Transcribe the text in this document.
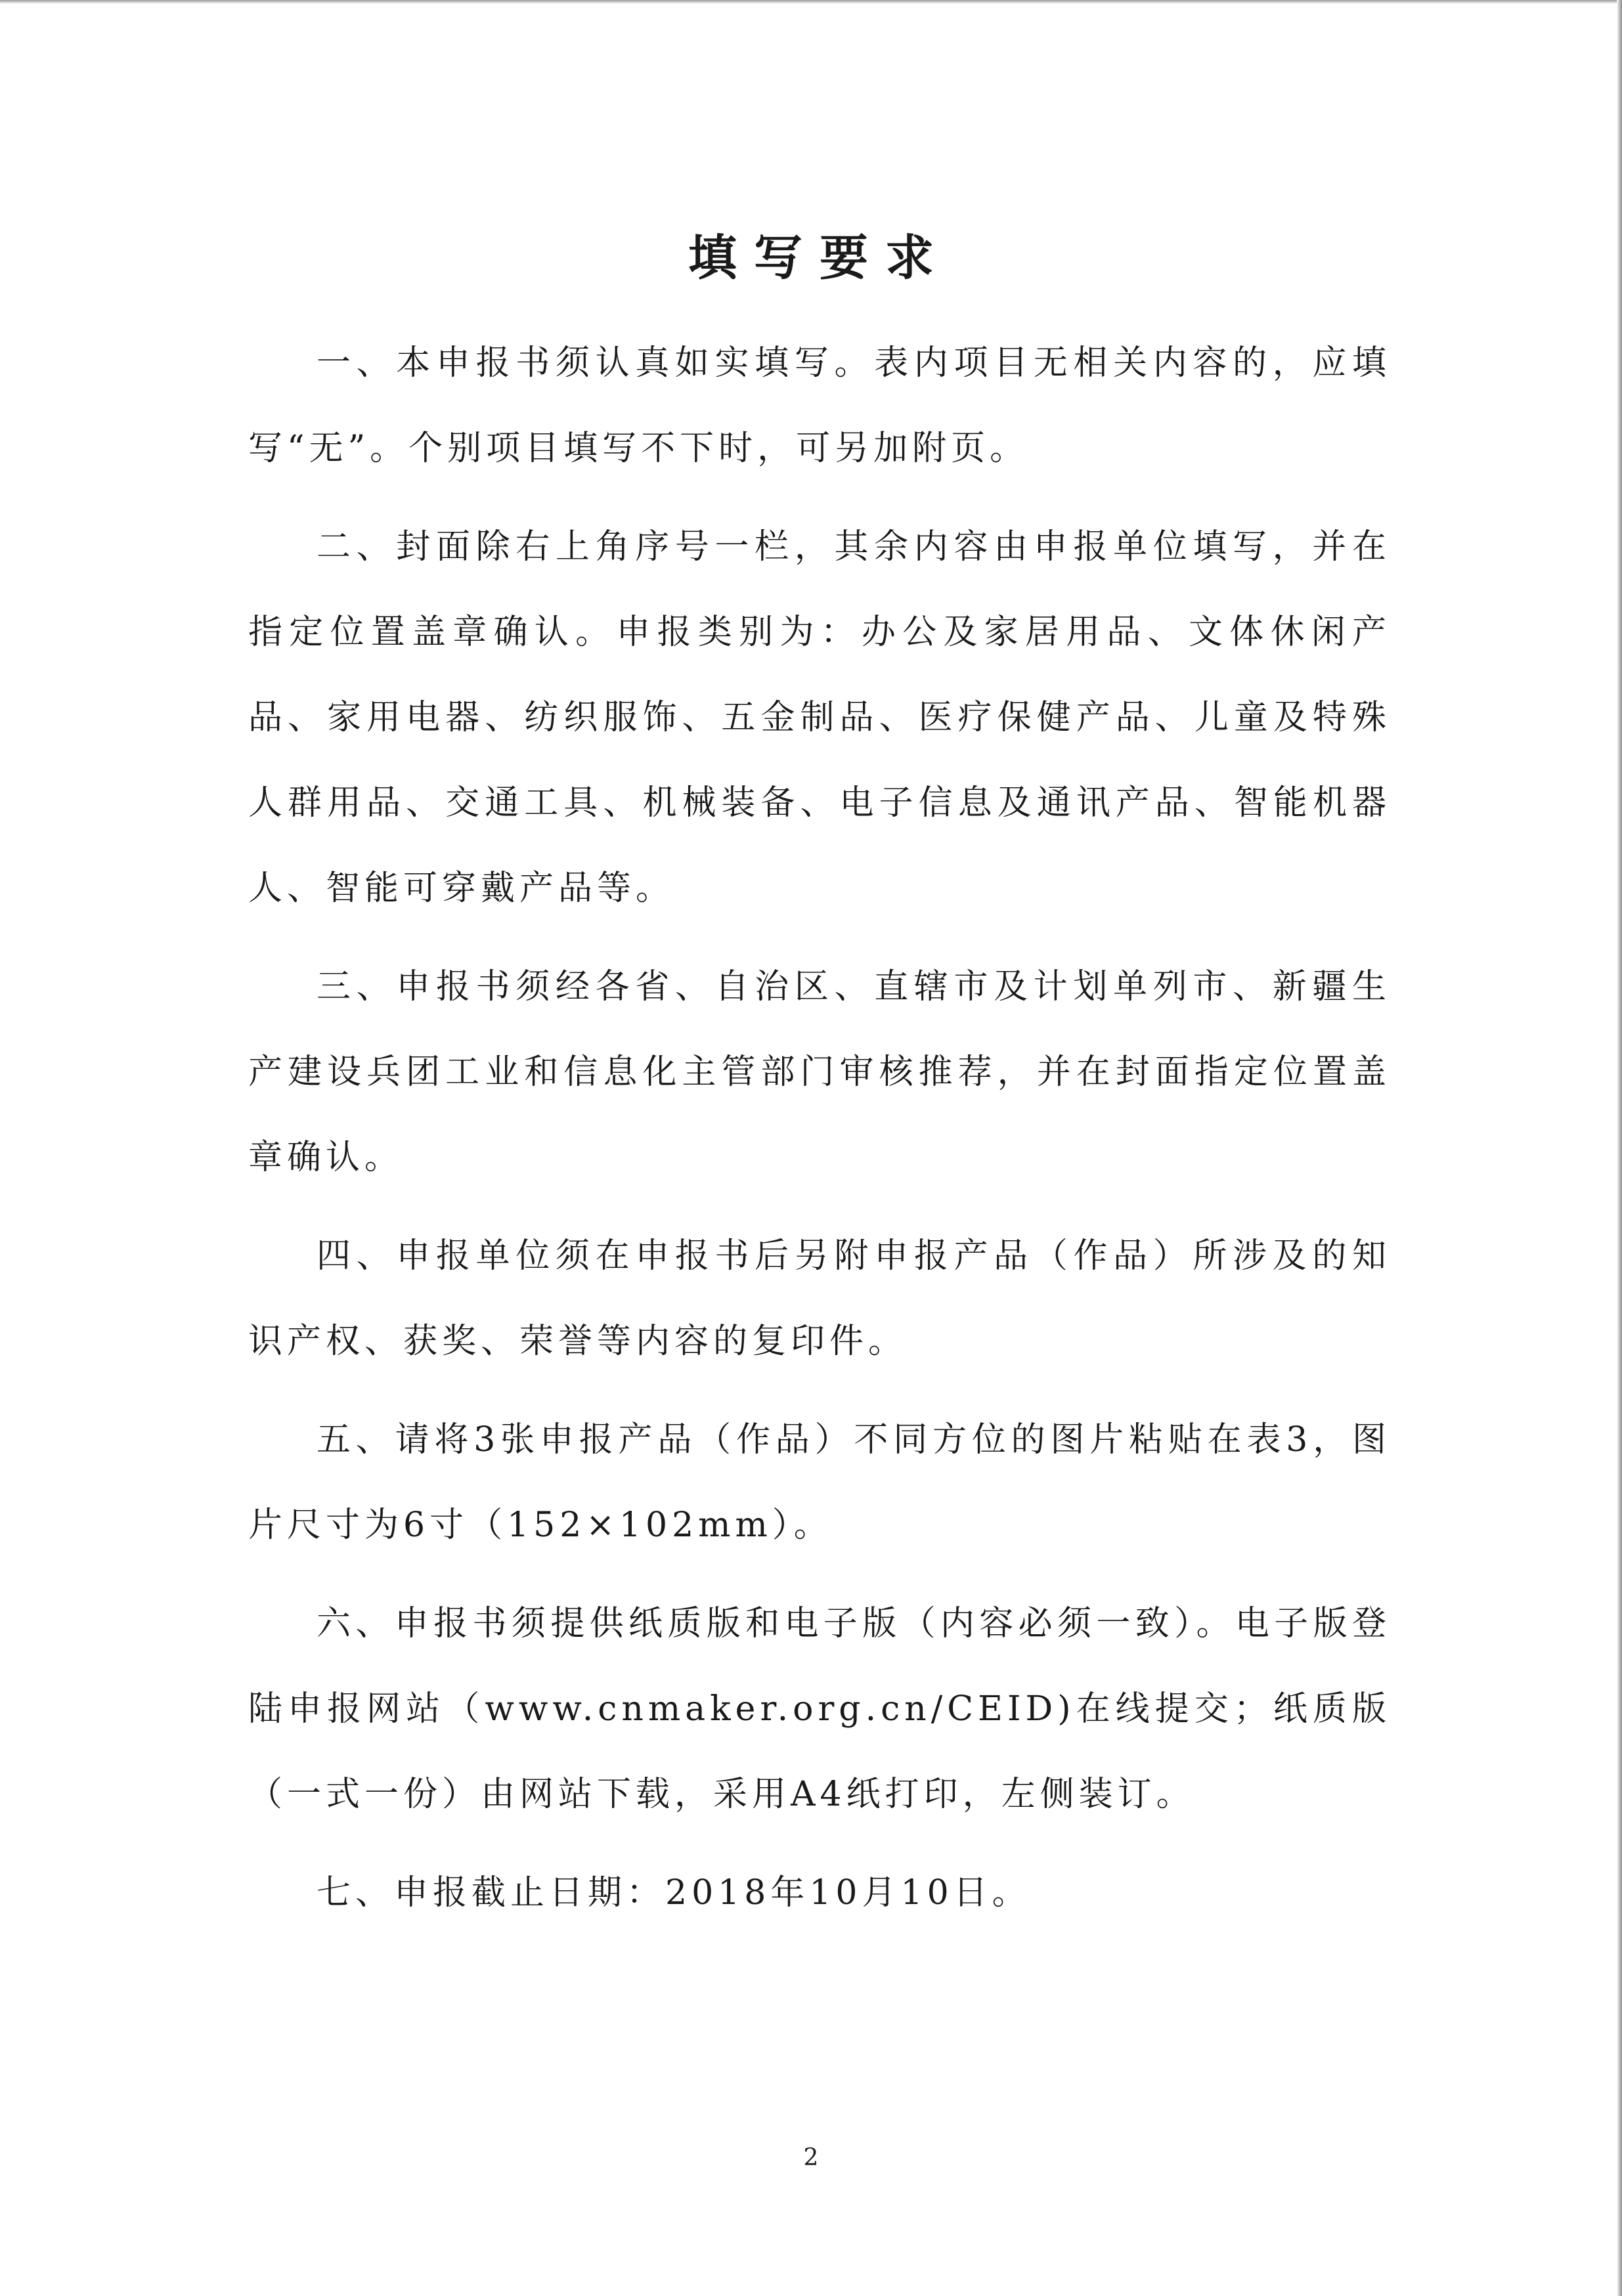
填写要求

一、本申报书须认真如实填写。表内项目无相关内容的，应填写“无”。个别项目填写不下时，可另加附页。

二、封面除右上角序号一栏，其余内容由申报单位填写，并在指定位置盖章确认。申报类别为：办公及家居用品、文体休闲产品、家用电器、纺织服饰、五金制品、医疗保健产品、儿童及特殊人群用品、交通工具、机械装备、电子信息及通讯产品、智能机器人、智能可穿戴产品等。

三、申报书须经各省、自治区、直辖市及计划单列市、新疆生产建设兵团工业和信息化主管部门审核推荐，并在封面指定位置盖章确认。

四、申报单位须在申报书后另附申报产品（作品）所涉及的知识产权、获奖、荣誉等内容的复印件。

五、请将3张申报产品（作品）不同方位的图片粘贴在表3，图片尺寸为6寸（152×102mm）。

六、申报书须提供纸质版和电子版（内容必须一致）。电子版登陆申报网站（www.cnmaker.org.cn/CEID)在线提交；纸质版（一式一份）由网站下载，采用A4纸打印，左侧装订。

七、申报截止日期：2018年10月10日。

2
